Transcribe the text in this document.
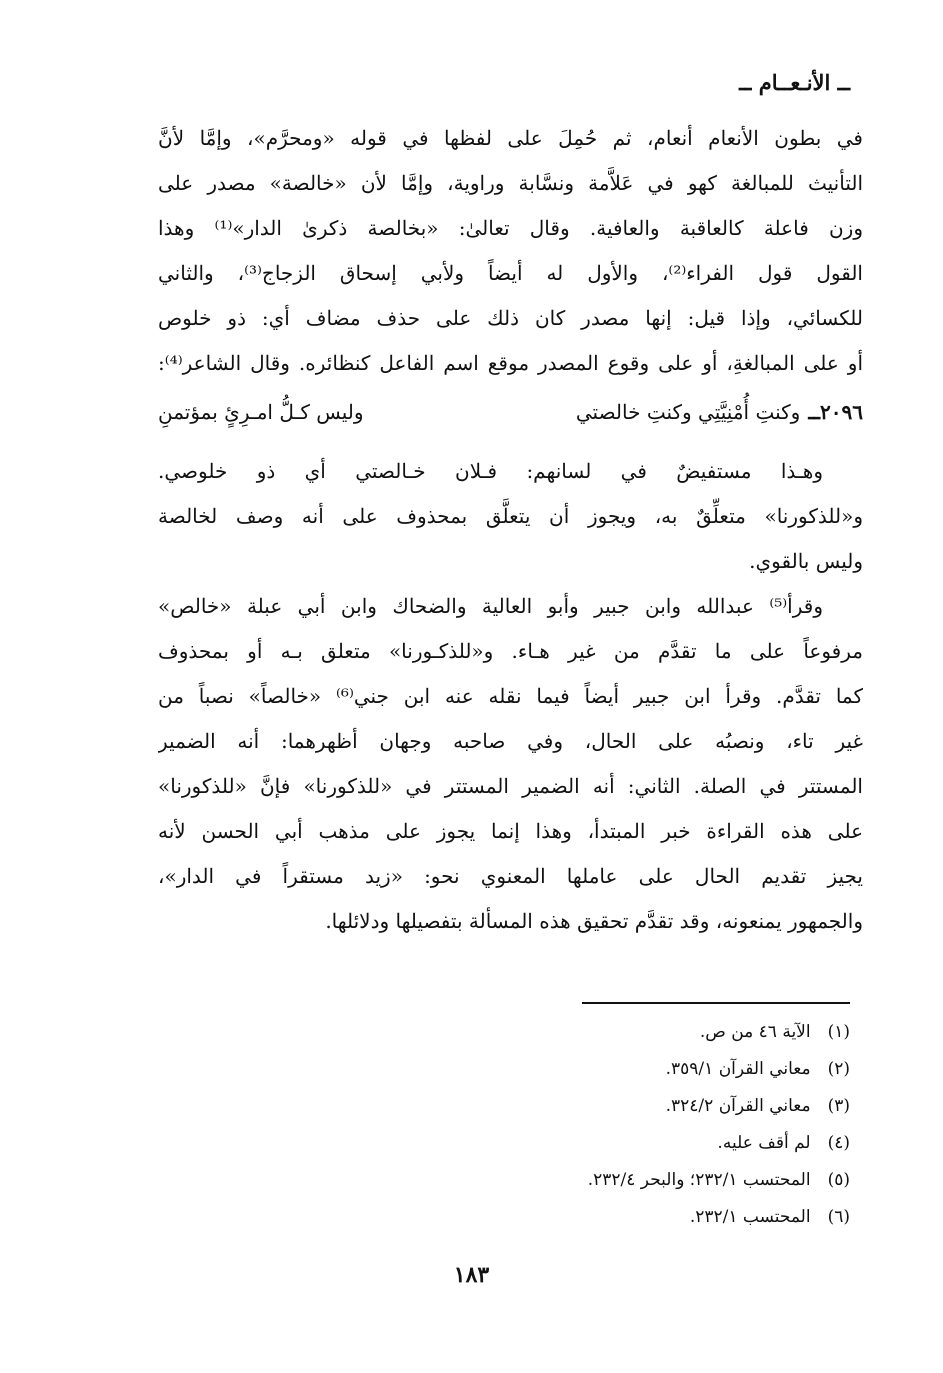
ــ الأنـعــام ــ

في بطون الأنعام أنعام، ثم حُمِلَ على لفظها في قوله «ومحرَّم»، وإمَّا لأنَّ
التأنيث للمبالغة كهو في عَلاَّمة ونسَّابة وراوية، وإمَّا لأن «خالصة» مصدر على
وزن فاعلة كالعاقبة والعافية. وقال تعالىٰ: «بخالصة ذكرىٰ الدار»⁽¹⁾ وهذا
القول قول الفراء⁽²⁾، والأول له أيضاً ولأبي إسحاق الزجاج⁽³⁾، والثاني
للكسائي، وإذا قيل: إنها مصدر كان ذلك على حذف مضاف أي: ذو خلوص
أو على المبالغةِ، أو على وقوع المصدر موقع اسم الفاعل كنظائره. وقال الشاعر⁽⁴⁾:

٢٠٩٦ــ
وكنتِ أُمْنِيَّتِي وكنتِ خالصتي
وليس كـلُّ امـرِئٍ بمؤتمنِ

وهـذا مستفيضٌ في لسانهم: فـلان خـالصتي أي ذو خلوصي.
و«للذكورنا» متعلِّقٌ به، ويجوز أن يتعلَّق بمحذوف على أنه وصف لخالصة
وليس بالقوي.

وقرأ⁽⁵⁾ عبدالله وابن جبير وأبو العالية والضحاك وابن أبي عبلة «خالص»
مرفوعاً على ما تقدَّم من غير هـاء. و«للذكـورنا» متعلق بـه أو بمحذوف
كما تقدَّم. وقرأ ابن جبير أيضاً فيما نقله عنه ابن جني⁽⁶⁾ «خالصاً» نصباً من
غير تاء، ونصبُه على الحال، وفي صاحبه وجهان أظهرهما: أنه الضمير
المستتر في الصلة. الثاني: أنه الضمير المستتر في «للذكورنا» فإنَّ «للذكورنا»
على هذه القراءة خبر المبتدأ، وهذا إنما يجوز على مذهب أبي الحسن لأنه
يجيز تقديم الحال على عاملها المعنوي نحو: «زيد مستقراً في الدار»،
والجمهور يمنعونه، وقد تقدَّم تحقيق هذه المسألة بتفصيلها ودلائلها.

(١) الآية ٤٦ من ص.
(٢) معاني القرآن ٣٥٩/١.
(٣) معاني القرآن ٣٢٤/٢.
(٤) لم أقف عليه.
(٥) المحتسب ٢٣٢/١؛ والبحر ٢٣٢/٤.
(٦) المحتسب ٢٣٢/١.
١٨٣
